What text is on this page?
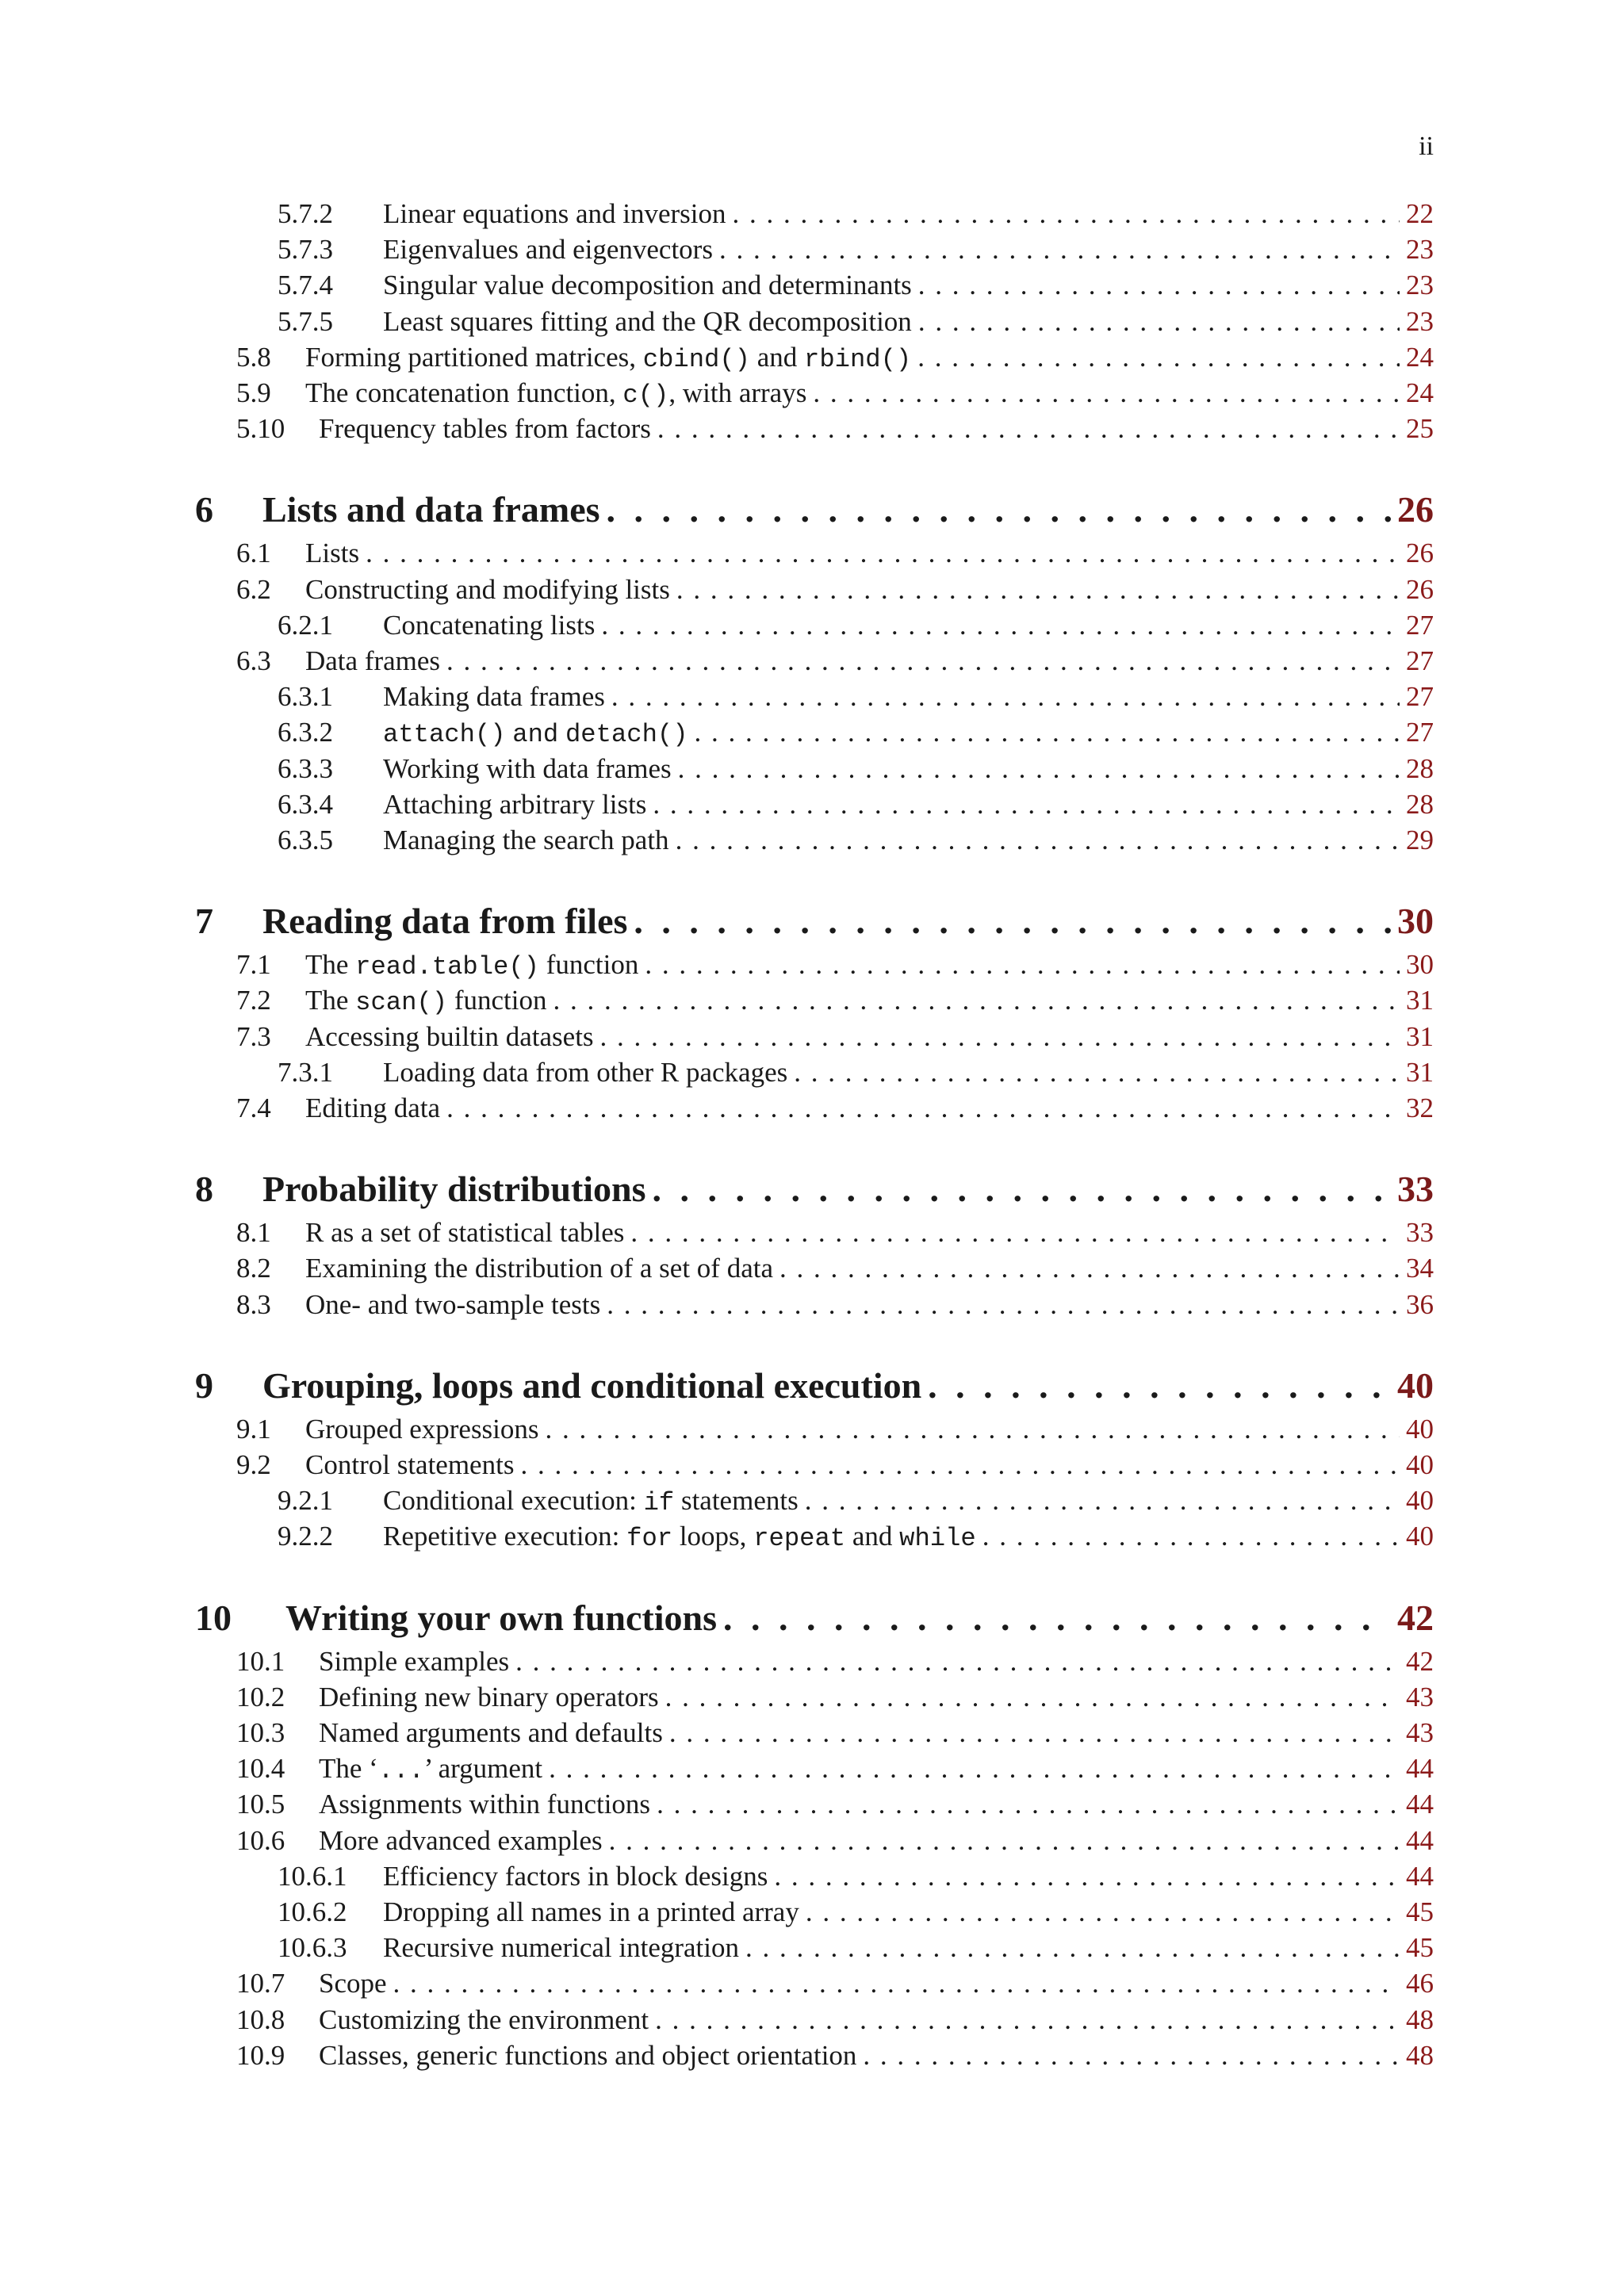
ii
5.7.2	Linear equations and inversion . . .	22
5.7.3	Eigenvalues and eigenvectors . . .	23
5.7.4	Singular value decomposition and determinants . . .	23
5.7.5	Least squares fitting and the QR decomposition . . .	23
5.8	Forming partitioned matrices, cbind() and rbind() . . .	24
5.9	The concatenation function, c(), with arrays . . .	24
5.10	Frequency tables from factors . . .	25
6	Lists and data frames . . .	26
6.1	Lists . . .	26
6.2	Constructing and modifying lists . . .	26
6.2.1	Concatenating lists . . .	27
6.3	Data frames . . .	27
6.3.1	Making data frames . . .	27
6.3.2	attach() and detach() . . .	27
6.3.3	Working with data frames . . .	28
6.3.4	Attaching arbitrary lists . . .	28
6.3.5	Managing the search path . . .	29
7	Reading data from files . . .	30
7.1	The read.table() function . . .	30
7.2	The scan() function . . .	31
7.3	Accessing builtin datasets . . .	31
7.3.1	Loading data from other R packages . . .	31
7.4	Editing data . . .	32
8	Probability distributions . . .	33
8.1	R as a set of statistical tables . . .	33
8.2	Examining the distribution of a set of data . . .	34
8.3	One- and two-sample tests . . .	36
9	Grouping, loops and conditional execution . . .	40
9.1	Grouped expressions . . .	40
9.2	Control statements . . .	40
9.2.1	Conditional execution: if statements . . .	40
9.2.2	Repetitive execution: for loops, repeat and while . . .	40
10	Writing your own functions . . .	42
10.1	Simple examples . . .	42
10.2	Defining new binary operators . . .	43
10.3	Named arguments and defaults . . .	43
10.4	The ‘...’ argument . . .	44
10.5	Assignments within functions . . .	44
10.6	More advanced examples . . .	44
10.6.1	Efficiency factors in block designs . . .	44
10.6.2	Dropping all names in a printed array . . .	45
10.6.3	Recursive numerical integration . . .	45
10.7	Scope . . .	46
10.8	Customizing the environment . . .	48
10.9	Classes, generic functions and object orientation . . .	48
